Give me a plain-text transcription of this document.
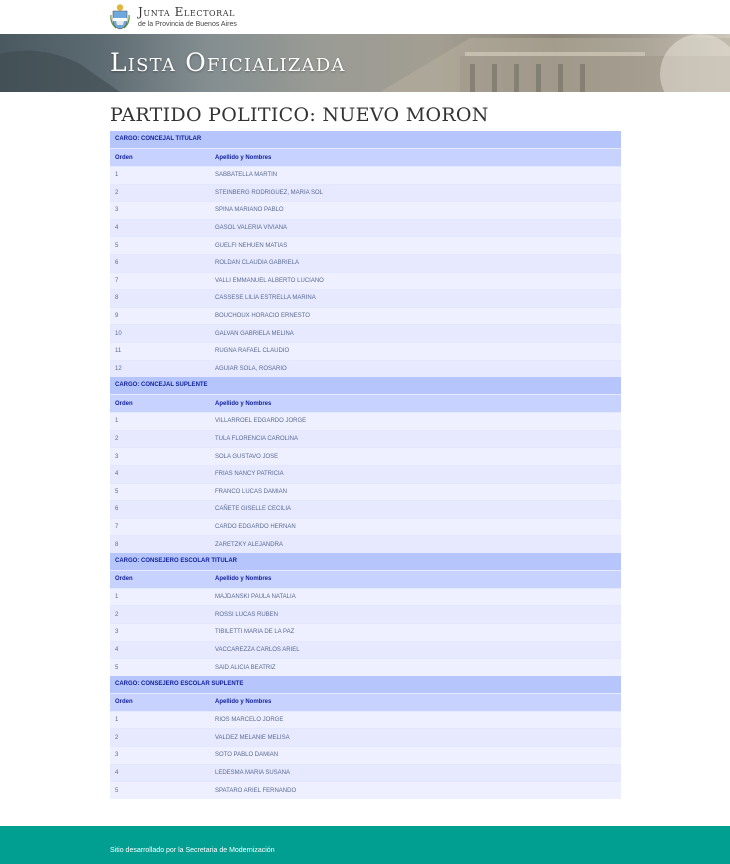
Junta Electoral
de la Provincia de Buenos Aires
Lista Oficializada
PARTIDO POLITICO: NUEVO MORON
CARGO: CONCEJAL TITULAR
Orden	Apellido y Nombres
1	SABBATELLA MARTIN
2	STEINBERG RODRIGUEZ, MARIA SOL
3	SPINA MARIANO PABLO
4	GASOL VALERIA VIVIANA
5	GUELFI NEHUEN MATIAS
6	ROLDAN CLAUDIA GABRIELA
7	VALLI EMMANUEL ALBERTO LUCIANO
8	CASSESE LILIA ESTRELLA MARINA
9	BOUCHOUX HORACIO ERNESTO
10	GALVAN GABRIELA MELINA
11	RUGNA RAFAEL CLAUDIO
12	AGUIAR SOLA, ROSARIO
CARGO: CONCEJAL SUPLENTE
Orden	Apellido y Nombres
1	VILLARROEL EDGARDO JORGE
2	TULA FLORENCIA CAROLINA
3	SOLA GUSTAVO JOSE
4	FRIAS NANCY PATRICIA
5	FRANCO LUCAS DAMIAN
6	CAÑETE GISELLE CECILIA
7	CARDO EDGARDO HERNAN
8	ZARETZKY ALEJANDRA
CARGO: CONSEJERO ESCOLAR TITULAR
Orden	Apellido y Nombres
1	MAJDANSKI PAULA NATALIA
2	ROSSI LUCAS RUBEN
3	TIBILETTI MARIA DE LA PAZ
4	VACCAREZZA CARLOS ARIEL
5	SAID ALICIA BEATRIZ
CARGO: CONSEJERO ESCOLAR SUPLENTE
Orden	Apellido y Nombres
1	RIOS MARCELO JORGE
2	VALDEZ MELANIE MELISA
3	SOTO PABLO DAMIAN
4	LEDESMA MARIA SUSANA
5	SPATARO ARIEL FERNANDO
Sitio desarrollado por la Secretaria de Modernización
